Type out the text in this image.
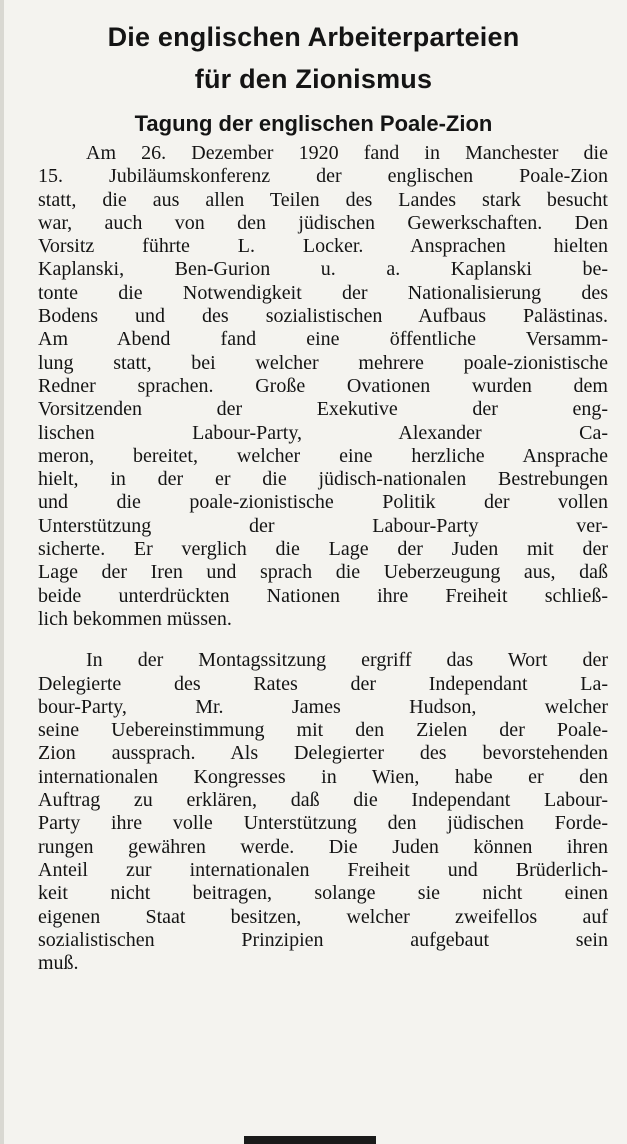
Die englischen Arbeiterparteien
für den Zionismus
Tagung der englischen Poale-Zion
Am 26. Dezember 1920 fand in Manchester die
15. Jubiläumskonferenz der englischen Poale-Zion
statt, die aus allen Teilen des Landes stark besucht
war, auch von den jüdischen Gewerkschaften. Den
Vorsitz führte L. Locker. Ansprachen hielten
Kaplanski, Ben-Gurion u. a. Kaplanski be-
tonte die Notwendigkeit der Nationalisierung des
Bodens und des sozialistischen Aufbaus Palästinas.
Am Abend fand eine öffentliche Versamm-
lung statt, bei welcher mehrere poale-zionistische
Redner sprachen. Große Ovationen wurden dem
Vorsitzenden der Exekutive der eng-
lischen Labour-Party, Alexander Ca-
meron, bereitet, welcher eine herzliche Ansprache
hielt, in der er die jüdisch-nationalen Bestrebungen
und die poale-zionistische Politik der vollen
Unterstützung der Labour-Party ver-
sicherte. Er verglich die Lage der Juden mit der
Lage der Iren und sprach die Ueberzeugung aus, daß
beide unterdrückten Nationen ihre Freiheit schließ-
lich bekommen müssen.
In der Montagssitzung ergriff das Wort der
Delegierte des Rates der Independant La-
bour-Party, Mr. James Hudson, welcher
seine Uebereinstimmung mit den Zielen der Poale-
Zion aussprach. Als Delegierter des bevorstehenden
internationalen Kongresses in Wien, habe er den
Auftrag zu erklären, daß die Independant Labour-
Party ihre volle Unterstützung den jüdischen Forde-
rungen gewähren werde. Die Juden können ihren
Anteil zur internationalen Freiheit und Brüderlich-
keit nicht beitragen, solange sie nicht einen
eigenen Staat besitzen, welcher zweifellos auf
sozialistischen Prinzipien aufgebaut sein
muß.
